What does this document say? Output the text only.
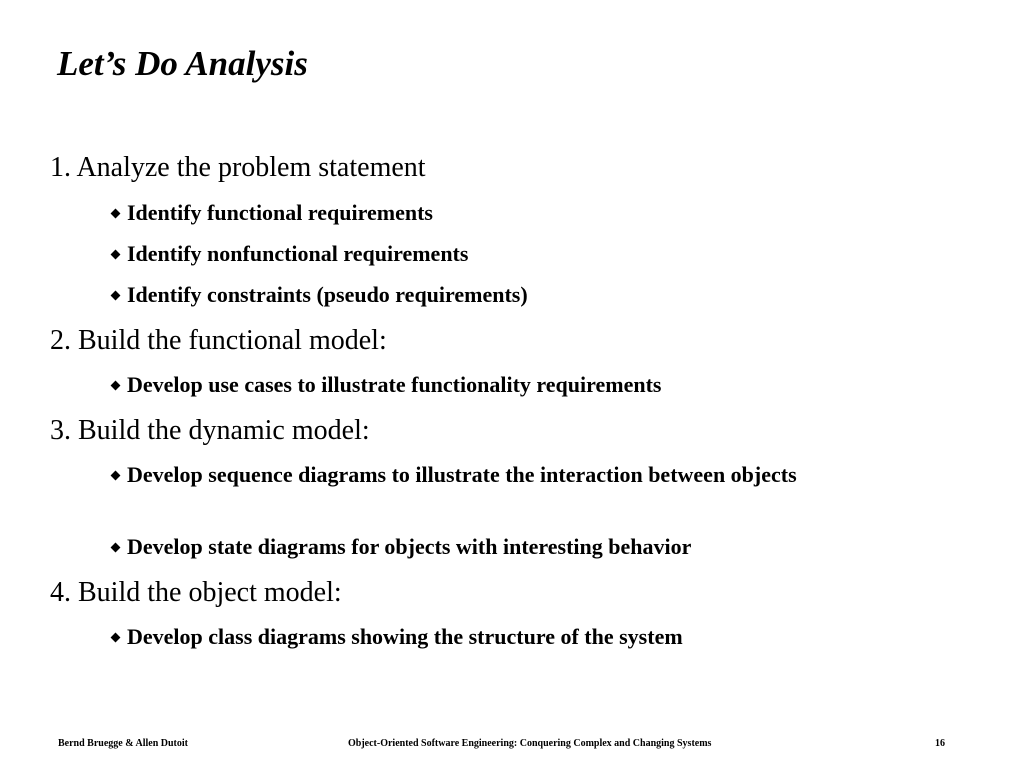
Let’s Do Analysis
1. Analyze the problem statement
Identify functional requirements
Identify nonfunctional requirements
Identify constraints (pseudo requirements)
2. Build the functional model:
Develop use cases to illustrate functionality requirements
3. Build the dynamic model:
Develop sequence diagrams to illustrate the interaction between objects
Develop state diagrams for objects with interesting behavior
4. Build the object model:
Develop class diagrams showing the structure of the system
Bernd Bruegge & Allen Dutoit	Object-Oriented Software Engineering: Conquering Complex and Changing Systems	16
